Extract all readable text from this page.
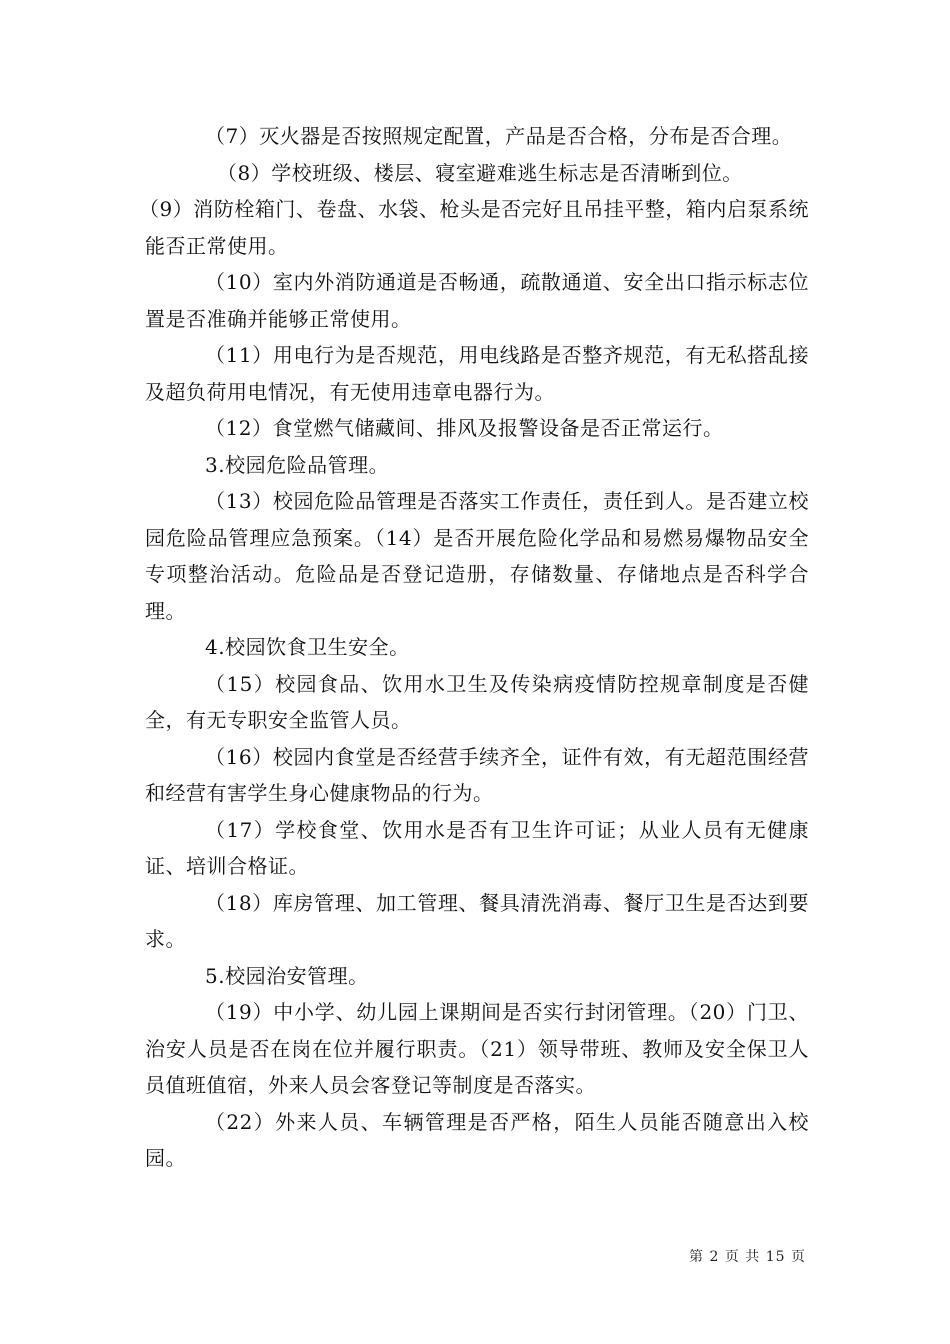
（7）灭火器是否按照规定配置，产品是否合格，分布是否合理。

（8）学校班级、楼层、寝室避难逃生标志是否清晰到位。

（9）消防栓箱门、卷盘、水袋、枪头是否完好且吊挂平整，箱内启泵系统能否正常使用。

（10）室内外消防通道是否畅通，疏散通道、安全出口指示标志位置是否准确并能够正常使用。

（11）用电行为是否规范，用电线路是否整齐规范，有无私搭乱接及超负荷用电情况，有无使用违章电器行为。

（12）食堂燃气储藏间、排风及报警设备是否正常运行。

3.校园危险品管理。

（13）校园危险品管理是否落实工作责任，责任到人。是否建立校园危险品管理应急预案。（14）是否开展危险化学品和易燃易爆物品安全专项整治活动。危险品是否登记造册，存储数量、存储地点是否科学合理。

4.校园饮食卫生安全。

（15）校园食品、饮用水卫生及传染病疫情防控规章制度是否健全，有无专职安全监管人员。

（16）校园内食堂是否经营手续齐全，证件有效，有无超范围经营和经营有害学生身心健康物品的行为。

（17）学校食堂、饮用水是否有卫生许可证；从业人员有无健康证、培训合格证。

（18）库房管理、加工管理、餐具清洗消毒、餐厅卫生是否达到要求。

5.校园治安管理。

（19）中小学、幼儿园上课期间是否实行封闭管理。（20）门卫、治安人员是否在岗在位并履行职责。（21）领导带班、教师及安全保卫人员值班值宿，外来人员会客登记等制度是否落实。

（22）外来人员、车辆管理是否严格，陌生人员能否随意出入校园。

第 2 页 共 15 页
